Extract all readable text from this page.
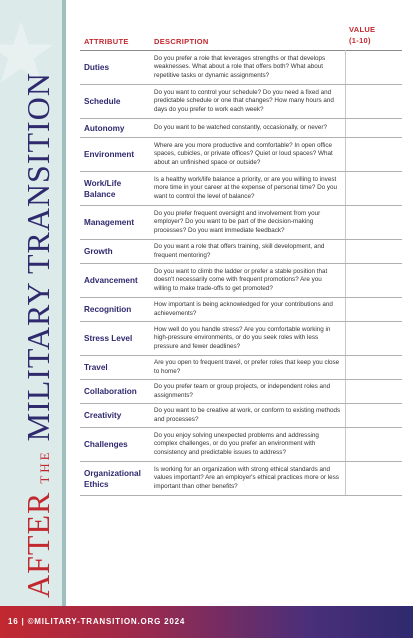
AFTER
THE
MILITARY TRANSITION
ATTRIBUTE	DESCRIPTION	VALUE
(1-10)
Duties	Do you prefer a role that leverages strengths or that develops weaknesses. What about a role that offers both? What about repetitive tasks or dynamic assignments?	
Schedule	Do you want to control your schedule? Do you need a fixed and predictable schedule or one that changes? How many hours and days do you prefer to work each week?	
Autonomy	Do you want to be watched constantly, occasionally, or never?	
Environment	Where are you more productive and comfortable? In open office spaces, cubicles, or private offices? Quiet or loud spaces? What about an unfinished space or outside?	
Work/Life Balance	Is a healthy work/life balance a priority, or are you willing to invest more time in your career at the expense of personal time? Do you want to control the level of balance?	
Management	Do you prefer frequent oversight and involvement from your employer? Do you want to be part of the decision-making processes? Do you want immediate feedback?	
Growth	Do you want a role that offers training, skill development, and frequent mentoring?	
Advancement	Do you want to climb the ladder or prefer a stable position that doesn't necessarily come with frequent promotions? Are you willing to make trade-offs to get promoted?	
Recognition	How important is being acknowledged for your contributions and achievements?	
Stress Level	How well do you handle stress? Are you comfortable working in high-pressure environments, or do you seek roles with less pressure and fewer deadlines?	
Travel	Are you open to frequent travel, or prefer roles that keep you close to home?	
Collaboration	Do you prefer team or group projects, or independent roles and assignments?	
Creativity	Do you want to be creative at work, or conform to existing methods and processes?	
Challenges	Do you enjoy solving unexpected problems and addressing complex challenges, or do you prefer an environment with consistency and predictable issues to address?	
Organizational Ethics	Is working for an organization with strong ethical standards and values important? Are an employer's ethical practices more or less important than other benefits?	
16 | ©MILITARY-TRANSITION.ORG 2024
